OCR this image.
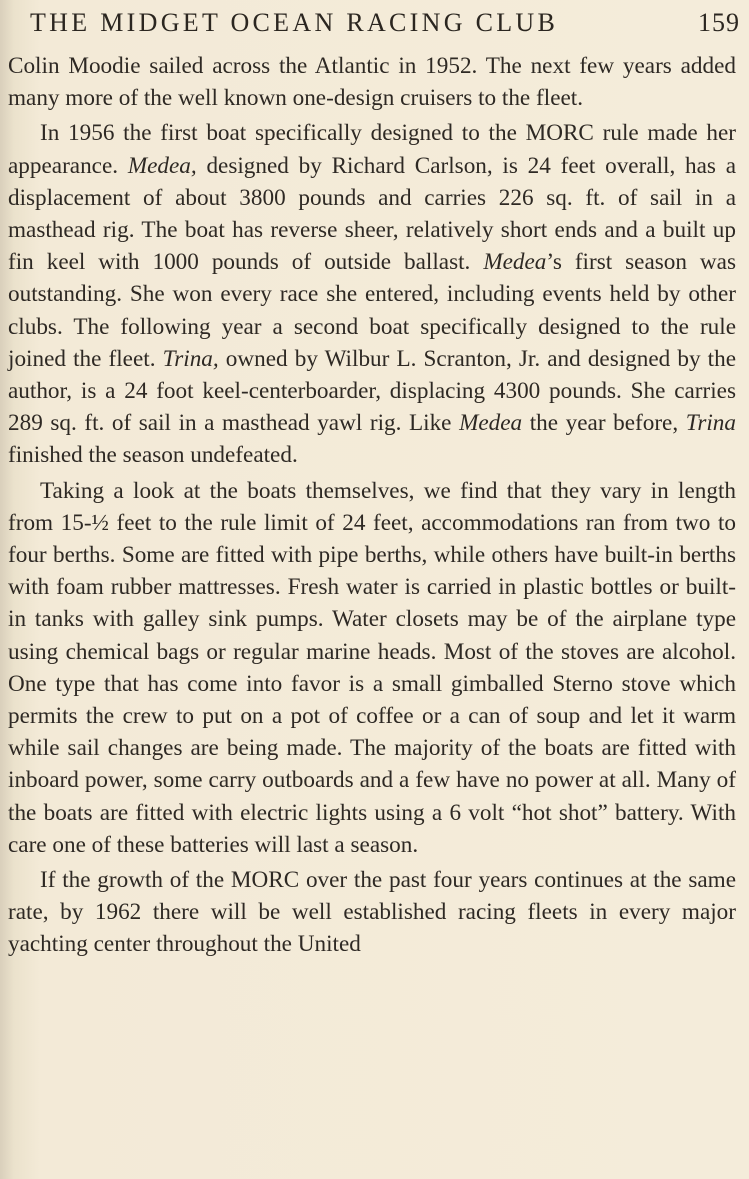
THE MIDGET OCEAN RACING CLUB	159

Colin Moodie sailed across the Atlantic in 1952. The next few years added many more of the well known one-design cruisers to the fleet.

In 1956 the first boat specifically designed to the MORC rule made her appearance. Medea, designed by Richard Carlson, is 24 feet overall, has a displacement of about 3800 pounds and carries 226 sq. ft. of sail in a masthead rig. The boat has reverse sheer, relatively short ends and a built up fin keel with 1000 pounds of outside ballast. Medea’s first season was outstanding. She won every race she entered, including events held by other clubs. The following year a second boat specifically designed to the rule joined the fleet. Trina, owned by Wilbur L. Scranton, Jr. and designed by the author, is a 24 foot keel-centerboarder, displacing 4300 pounds. She carries 289 sq. ft. of sail in a masthead yawl rig. Like Medea the year before, Trina finished the season undefeated.

Taking a look at the boats themselves, we find that they vary in length from 15-½ feet to the rule limit of 24 feet, accommodations ran from two to four berths. Some are fitted with pipe berths, while others have built-in berths with foam rubber mattresses. Fresh water is carried in plastic bottles or built-in tanks with galley sink pumps. Water closets may be of the airplane type using chemical bags or regular marine heads. Most of the stoves are alcohol. One type that has come into favor is a small gimballed Sterno stove which permits the crew to put on a pot of coffee or a can of soup and let it warm while sail changes are being made. The majority of the boats are fitted with inboard power, some carry outboards and a few have no power at all. Many of the boats are fitted with electric lights using a 6 volt “hot shot” battery. With care one of these batteries will last a season.

If the growth of the MORC over the past four years continues at the same rate, by 1962 there will be well established racing fleets in every major yachting center throughout the United
